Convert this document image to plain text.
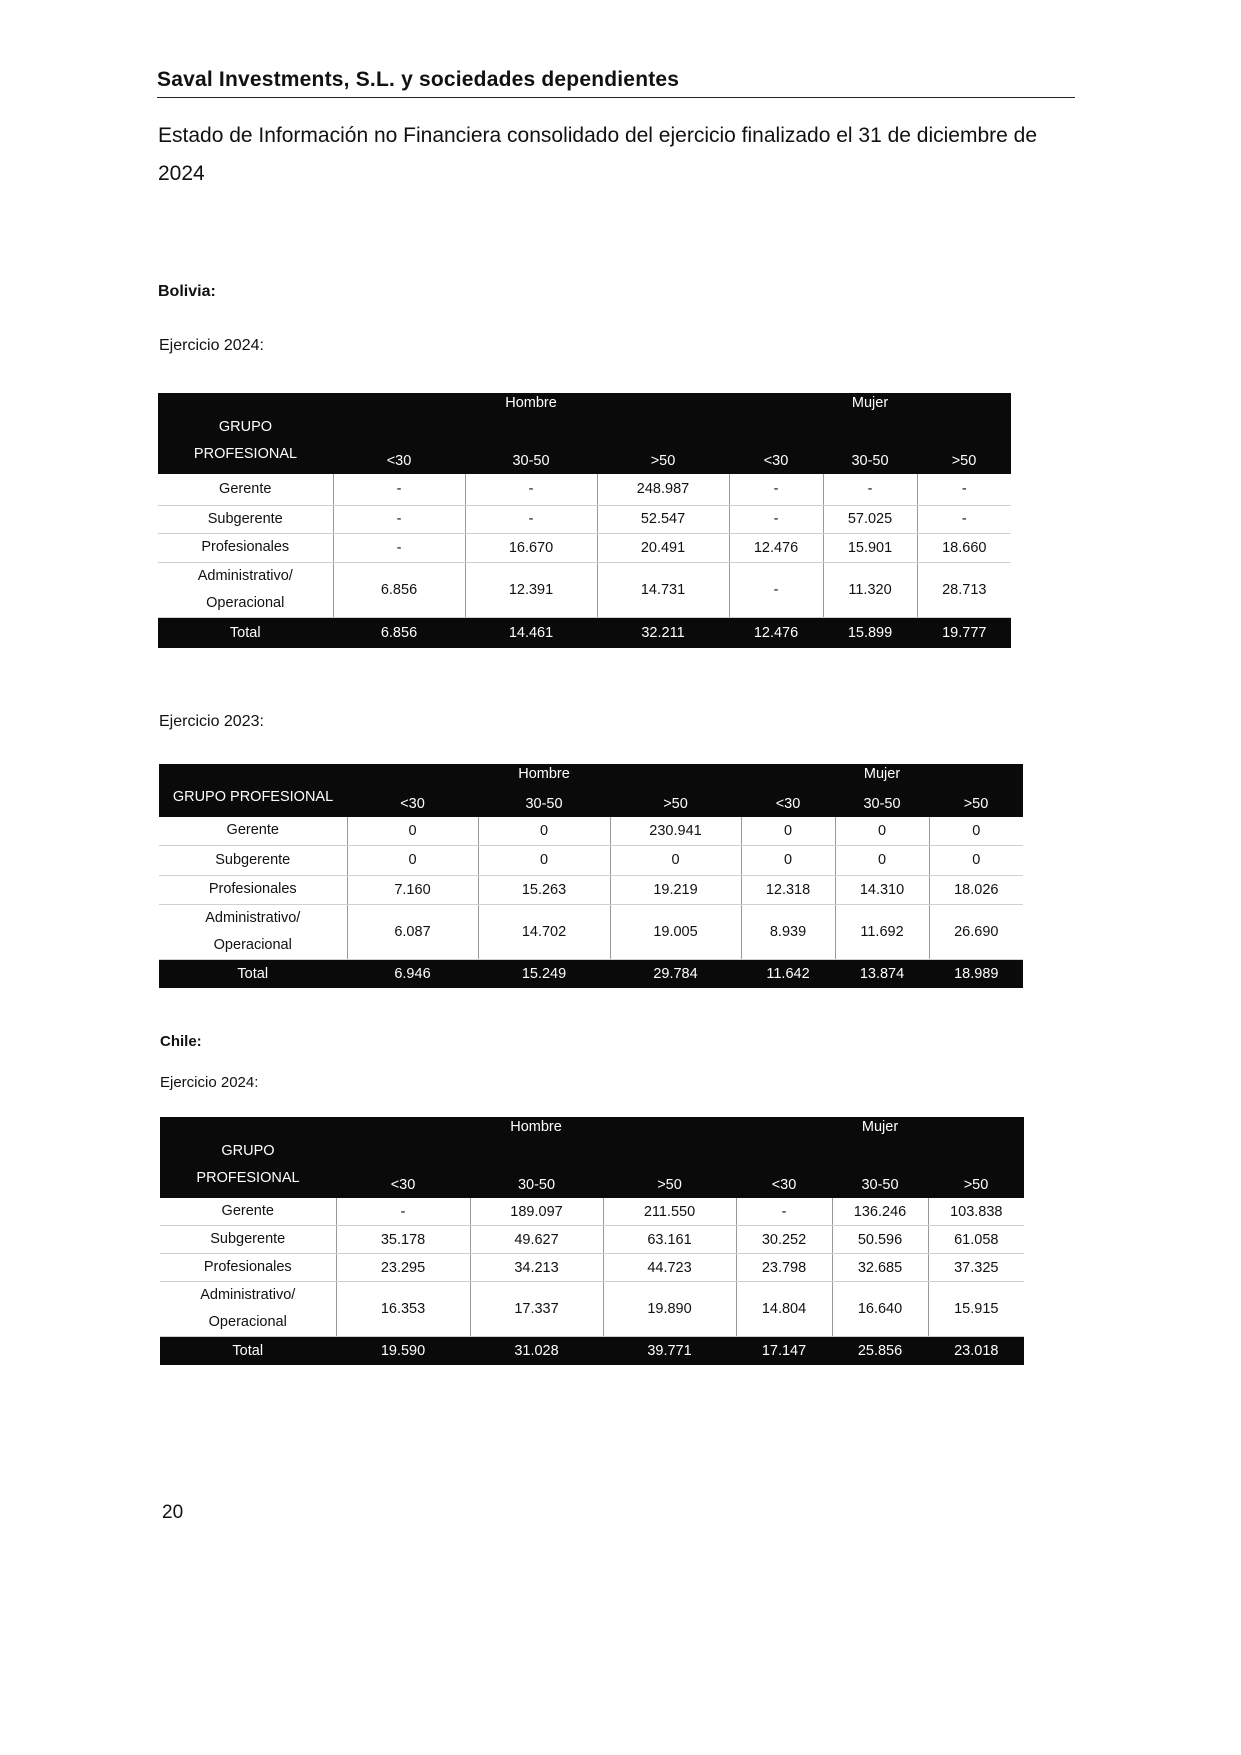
Saval Investments, S.L. y sociedades dependientes
Estado de Información no Financiera consolidado del ejercicio finalizado el 31 de diciembre de 2024
Bolivia:
Ejercicio 2024:
GRUPO
PROFESIONAL	Hombre			Mujer		
	<30	30-50	>50	<30	30-50	>50
Gerente	-	-	248.987	-	-	-
Subgerente	-	-	52.547	-	57.025	-
Profesionales	-	16.670	20.491	12.476	15.901	18.660
Administrativo/
Operacional	6.856	12.391	14.731	-	11.320	28.713
Total	6.856	14.461	32.211	12.476	15.899	19.777
Ejercicio 2023:
GRUPO PROFESIONAL	Hombre			Mujer		
	<30	30-50	>50	<30	30-50	>50
Gerente	0	0	230.941	0	0	0
Subgerente	0	0	0	0	0	0
Profesionales	7.160	15.263	19.219	12.318	14.310	18.026
Administrativo/
Operacional	6.087	14.702	19.005	8.939	11.692	26.690
Total	6.946	15.249	29.784	11.642	13.874	18.989
Chile:
Ejercicio 2024:
GRUPO
PROFESIONAL	Hombre			Mujer		
	<30	30-50	>50	<30	30-50	>50
Gerente	-	189.097	211.550	-	136.246	103.838
Subgerente	35.178	49.627	63.161	30.252	50.596	61.058
Profesionales	23.295	34.213	44.723	23.798	32.685	37.325
Administrativo/
Operacional	16.353	17.337	19.890	14.804	16.640	15.915
Total	19.590	31.028	39.771	17.147	25.856	23.018
20
